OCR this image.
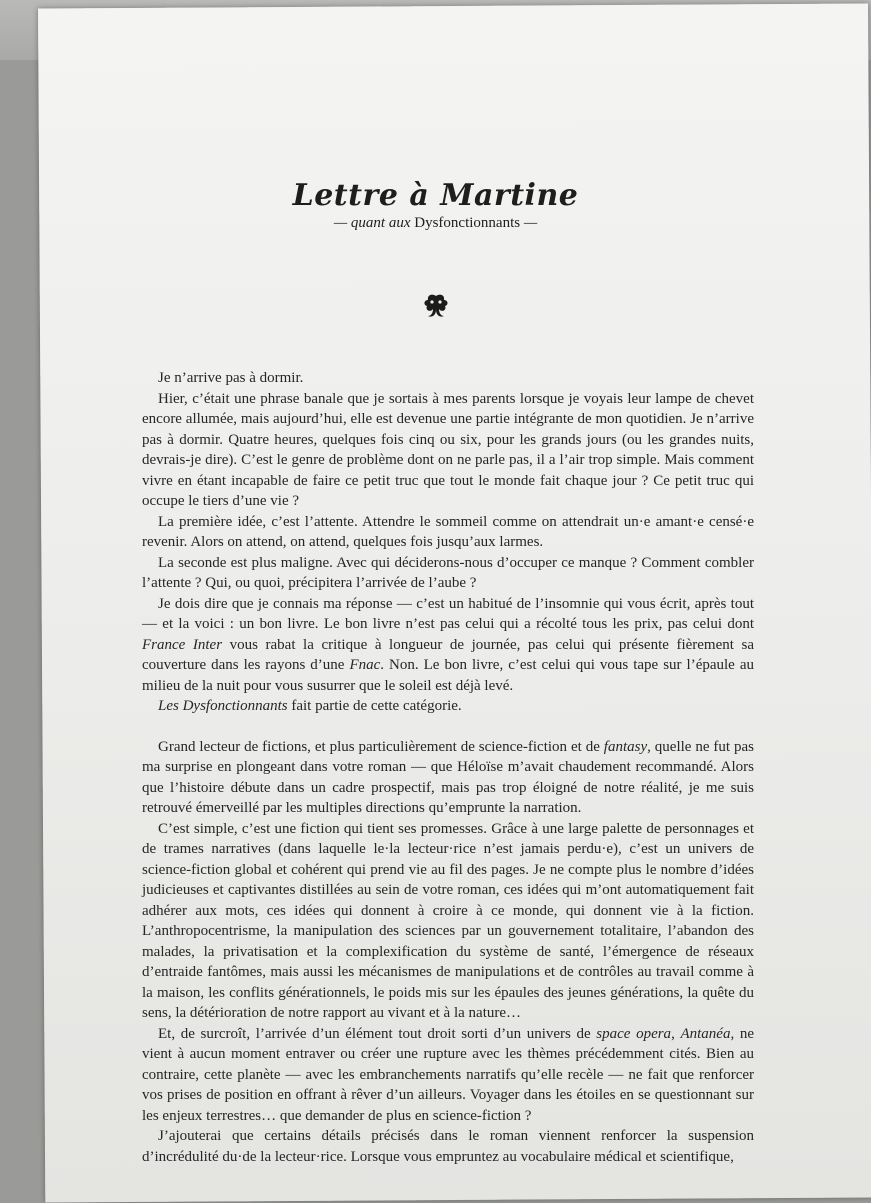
Lettre à Martine
— quant aux Dysfonctionnants —

Je n’arrive pas à dormir.

Hier, c’était une phrase banale que je sortais à mes parents lorsque je voyais leur lampe de chevet encore allumée, mais aujourd’hui, elle est devenue une partie intégrante de mon quotidien. Je n’arrive pas à dormir. Quatre heures, quelques fois cinq ou six, pour les grands jours (ou les grandes nuits, devrais-je dire). C’est le genre de problème dont on ne parle pas, il a l’air trop simple. Mais comment vivre en étant incapable de faire ce petit truc que tout le monde fait chaque jour ? Ce petit truc qui occupe le tiers d’une vie ?

La première idée, c’est l’attente. Attendre le sommeil comme on attendrait un·e amant·e censé·e revenir. Alors on attend, on attend, quelques fois jusqu’aux larmes.

La seconde est plus maligne. Avec qui déciderons-nous d’occuper ce manque ? Comment combler l’attente ? Qui, ou quoi, précipitera l’arrivée de l’aube ?

Je dois dire que je connais ma réponse — c’est un habitué de l’insomnie qui vous écrit, après tout — et la voici : un bon livre. Le bon livre n’est pas celui qui a récolté tous les prix, pas celui dont France Inter vous rabat la critique à longueur de journée, pas celui qui présente fièrement sa couverture dans les rayons d’une Fnac. Non. Le bon livre, c’est celui qui vous tape sur l’épaule au milieu de la nuit pour vous susurrer que le soleil est déjà levé.

Les Dysfonctionnants fait partie de cette catégorie.

Grand lecteur de fictions, et plus particulièrement de science-fiction et de fantasy, quelle ne fut pas ma surprise en plongeant dans votre roman — que Héloïse m’avait chaudement recommandé. Alors que l’histoire débute dans un cadre prospectif, mais pas trop éloigné de notre réalité, je me suis retrouvé émerveillé par les multiples directions qu’emprunte la narration.

C’est simple, c’est une fiction qui tient ses promesses. Grâce à une large palette de personnages et de trames narratives (dans laquelle le·la lecteur·rice n’est jamais perdu·e), c’est un univers de science-fiction global et cohérent qui prend vie au fil des pages. Je ne compte plus le nombre d’idées judicieuses et captivantes distillées au sein de votre roman, ces idées qui m’ont automatiquement fait adhérer aux mots, ces idées qui donnent à croire à ce monde, qui donnent vie à la fiction. L’anthropocentrisme, la manipulation des sciences par un gouvernement totalitaire, l’abandon des malades, la privatisation et la complexification du système de santé, l’émergence de réseaux d’entraide fantômes, mais aussi les mécanismes de manipulations et de contrôles au travail comme à la maison, les conflits générationnels, le poids mis sur les épaules des jeunes générations, la quête du sens, la détérioration de notre rapport au vivant et à la nature…

Et, de surcroît, l’arrivée d’un élément tout droit sorti d’un univers de space opera, Antanéa, ne vient à aucun moment entraver ou créer une rupture avec les thèmes précédemment cités. Bien au contraire, cette planète — avec les embranchements narratifs qu’elle recèle — ne fait que renforcer vos prises de position en offrant à rêver d’un ailleurs. Voyager dans les étoiles en se questionnant sur les enjeux terrestres… que demander de plus en science-fiction ?

J’ajouterai que certains détails précisés dans le roman viennent renforcer la suspension d’incrédulité du·de la lecteur·rice. Lorsque vous empruntez au vocabulaire médical et scientifique,
